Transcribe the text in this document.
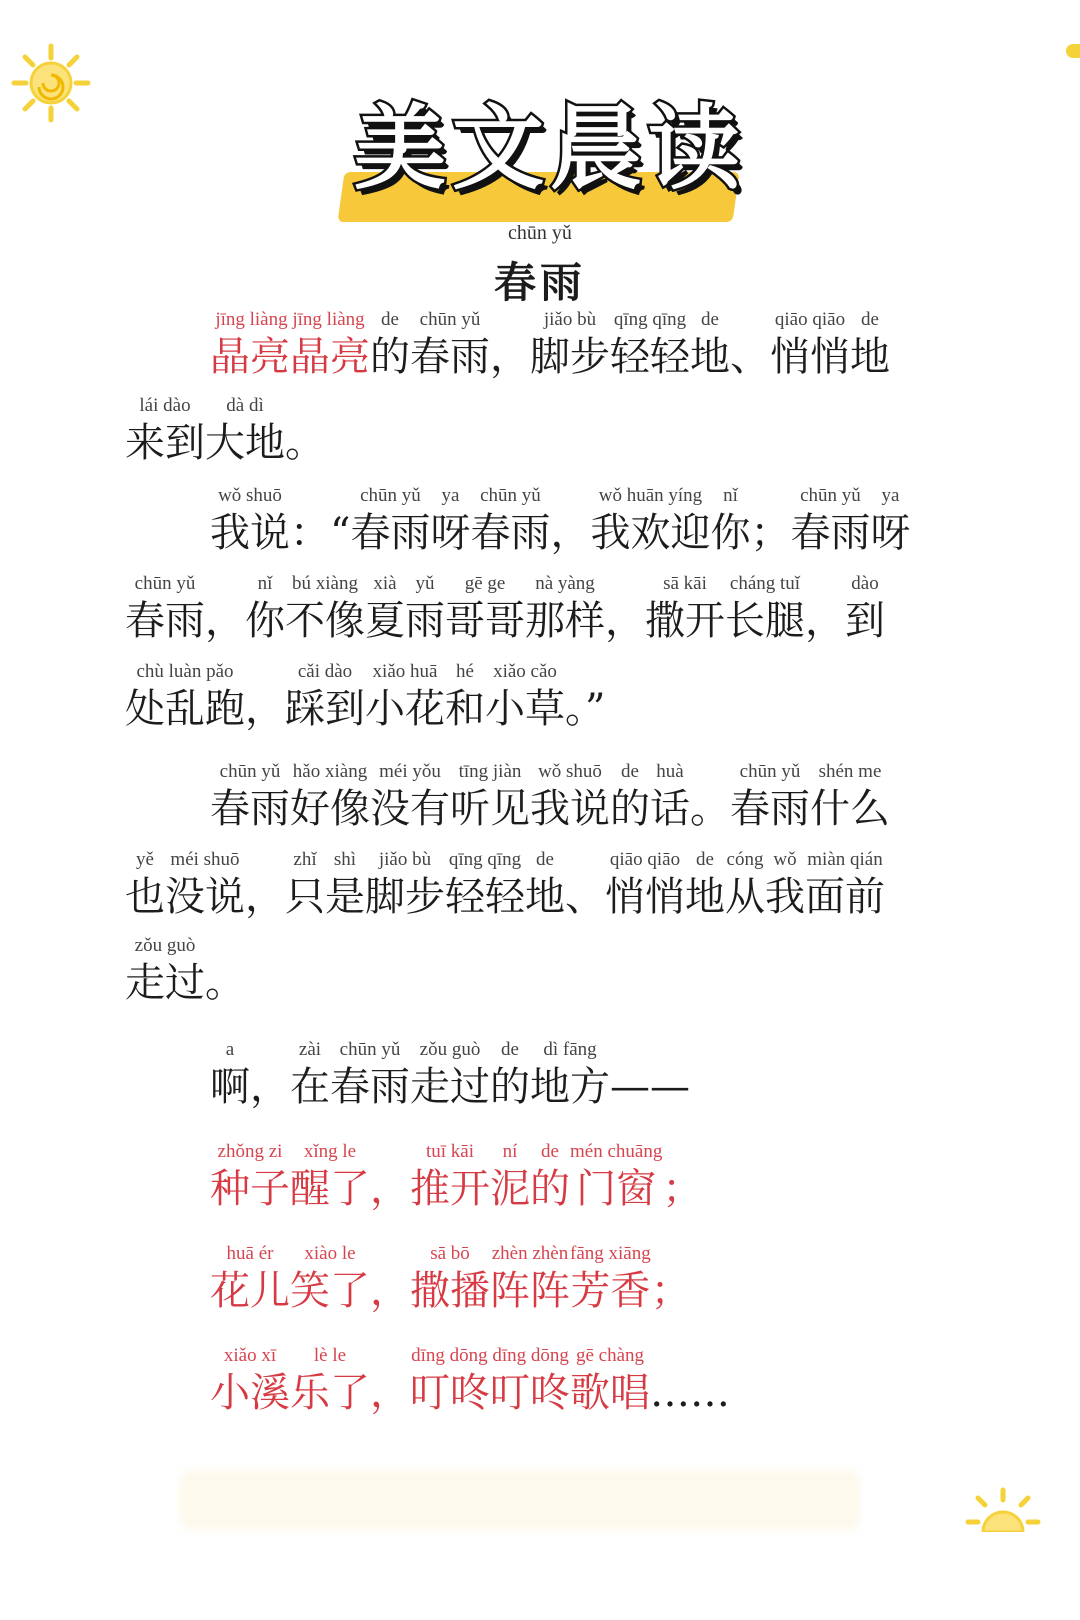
美文晨读
chūn yǔ
春雨
jīng liàng jīng liàng
晶亮晶亮
de
的
chūn yǔ
春雨 ，
jiǎo bù
脚步
qīng qīng
轻轻
de
地 、
qiāo qiāo
悄悄
de
地
lái dào
来到
dà dì
大地 。
wǒ shuō
我说 ：“
chūn yǔ
春雨
ya
呀
chūn yǔ
春雨 ，
wǒ huān yíng
我欢迎
nǐ
你 ；
chūn yǔ
春雨
ya
呀
chūn yǔ
春雨 ，
nǐ
你
bú xiàng
不像
xià
夏
yǔ
雨
gē ge
哥哥
nà yàng
那样 ，
sā kāi
撒开
cháng tuǐ
长腿 ，
dào
到
chù luàn pǎo
处乱跑 ，
cǎi dào
踩到
xiǎo huā
小花
hé
和
xiǎo cǎo
小草 。”
chūn yǔ
春雨
hǎo xiàng
好像
méi yǒu
没有
tīng jiàn
听见
wǒ shuō
我说
de
的
huà
话 。
chūn yǔ
春雨
shén me
什么
yě
也
méi shuō
没说 ，
zhǐ
只
shì
是
jiǎo bù
脚步
qīng qīng
轻轻
de
地 、
qiāo qiāo
悄悄
de
地
cóng
从
wǒ
我
miàn qián
面前
zǒu guò
走过 。
a
啊 ，
zài
在
chūn yǔ
春雨
zǒu guò
走过
de
的
dì fāng
地方 ——
zhǒng zi
种子
xǐng le
醒了 ，
tuī kāi
推开
ní
泥
de
的
mén chuāng
门窗 ；
huā ér
花儿
xiào le
笑了 ，
sā bō
撒播
zhèn zhèn
阵阵
fāng xiāng
芳香 ；
xiǎo xī
小溪
lè le
乐了 ，
dīng dōng dīng dōng
叮咚叮咚
gē chàng
歌唱 ……
